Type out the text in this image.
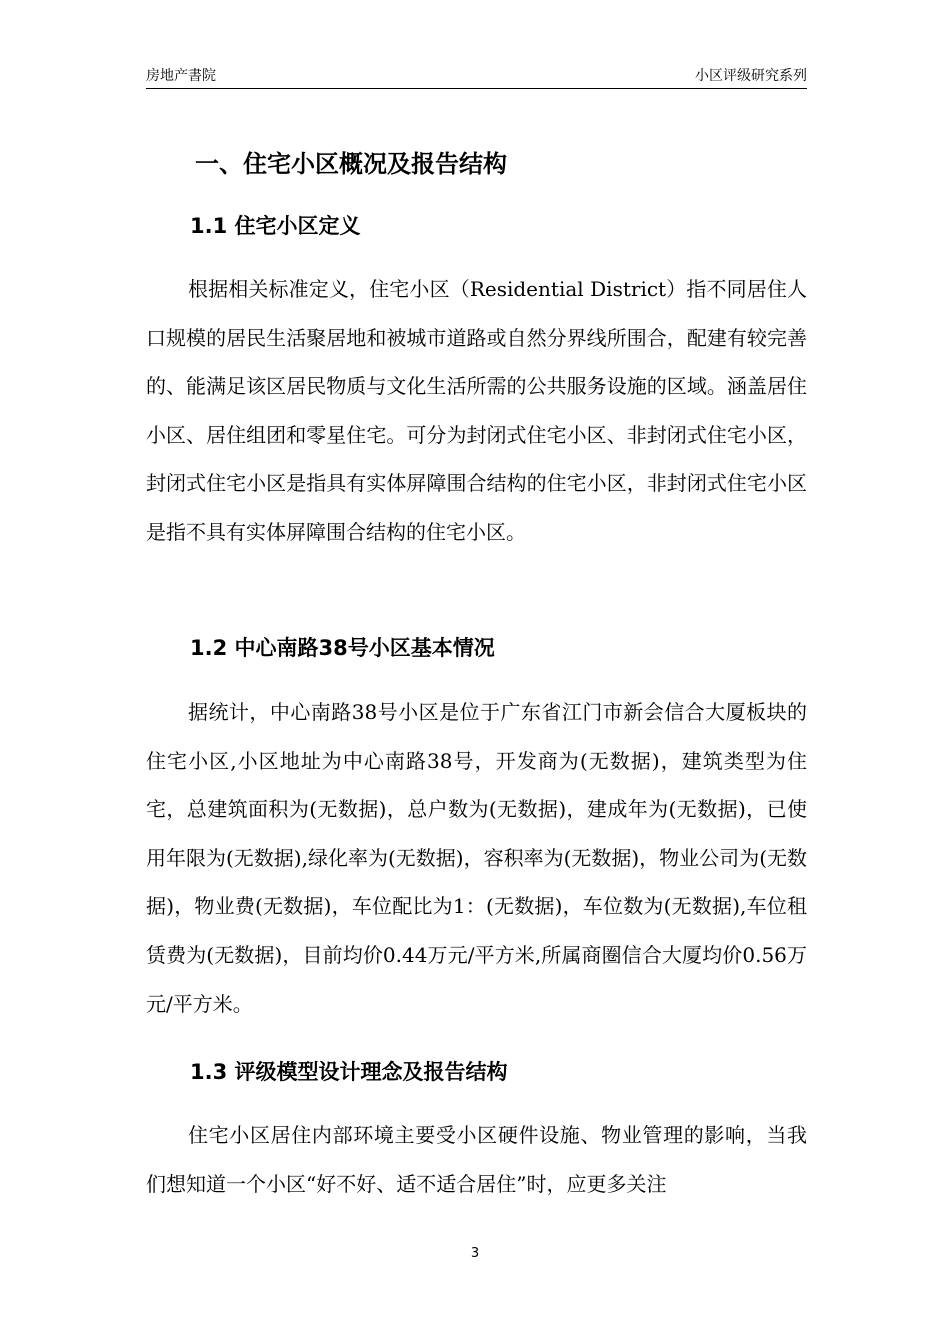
房地产書院	小区评级研究系列
一、住宅小区概况及报告结构
1.1 住宅小区定义

根据相关标准定义，住宅小区（Residential District）指不同居住人口规模的居民生活聚居地和被城市道路或自然分界线所围合，配建有较完善的、能满足该区居民物质与文化生活所需的公共服务设施的区域。涵盖居住小区、居住组团和零星住宅。可分为封闭式住宅小区、非封闭式住宅小区，封闭式住宅小区是指具有实体屏障围合结构的住宅小区，非封闭式住宅小区是指不具有实体屏障围合结构的住宅小区。

1.2 中心南路38号小区基本情况

据统计，中心南路38号小区是位于广东省江门市新会信合大厦板块的住宅小区,小区地址为中心南路38号，开发商为(无数据)，建筑类型为住宅，总建筑面积为(无数据)，总户数为(无数据)，建成年为(无数据)，已使用年限为(无数据),绿化率为(无数据)，容积率为(无数据)，物业公司为(无数据)，物业费(无数据)，车位配比为1：(无数据)，车位数为(无数据),车位租赁费为(无数据)，目前均价0.44万元/平方米,所属商圈信合大厦均价0.56万元/平方米。

1.3 评级模型设计理念及报告结构

住宅小区居住内部环境主要受小区硬件设施、物业管理的影响，当我们想知道一个小区“好不好、适不适合居住”时，应更多关注

3
